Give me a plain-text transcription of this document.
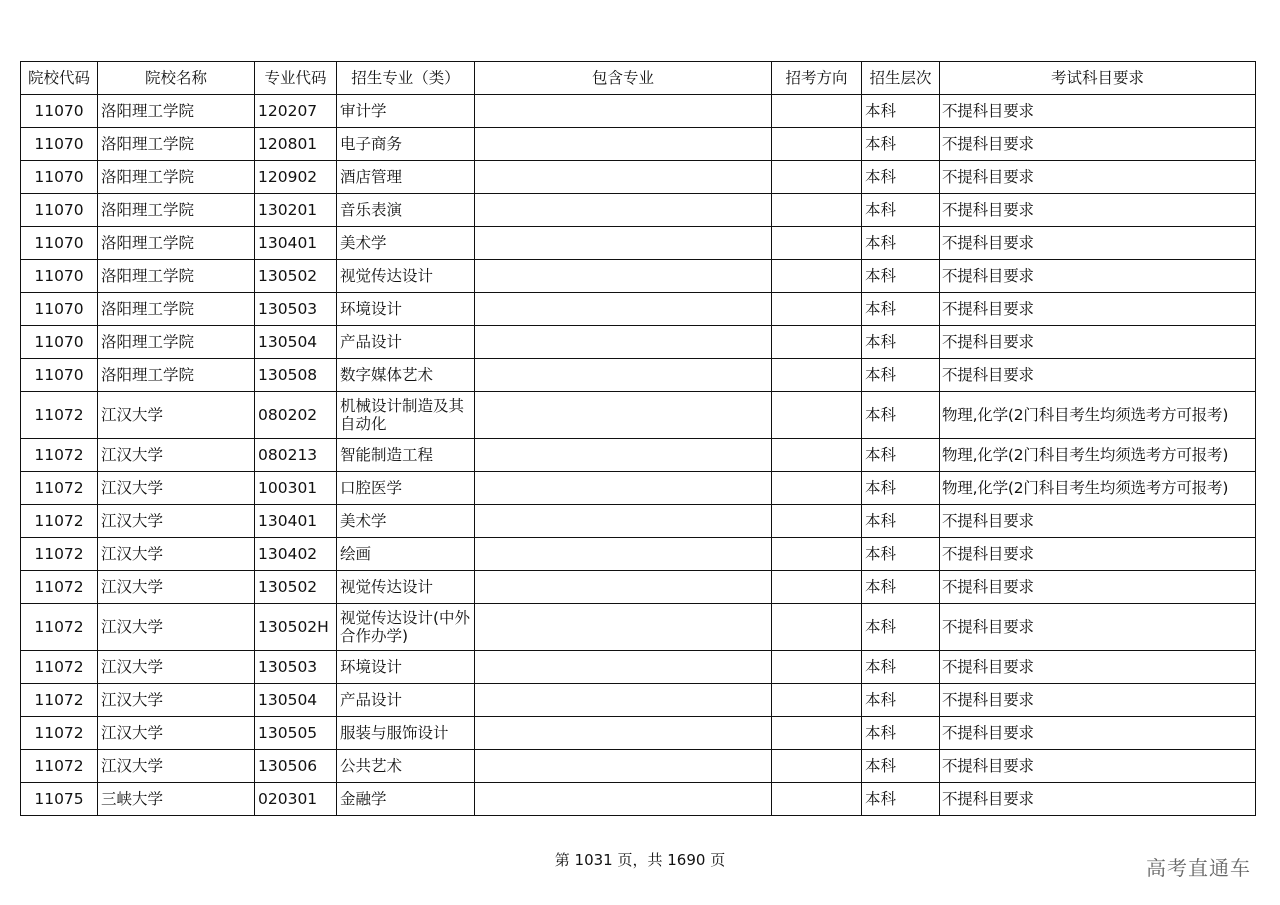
院校代码	院校名称	专业代码	招生专业（类）	包含专业	招考方向	招生层次	考试科目要求
11070	洛阳理工学院	120207	审计学			本科	不提科目要求
11070	洛阳理工学院	120801	电子商务			本科	不提科目要求
11070	洛阳理工学院	120902	酒店管理			本科	不提科目要求
11070	洛阳理工学院	130201	音乐表演			本科	不提科目要求
11070	洛阳理工学院	130401	美术学			本科	不提科目要求
11070	洛阳理工学院	130502	视觉传达设计			本科	不提科目要求
11070	洛阳理工学院	130503	环境设计			本科	不提科目要求
11070	洛阳理工学院	130504	产品设计			本科	不提科目要求
11070	洛阳理工学院	130508	数字媒体艺术			本科	不提科目要求
11072	江汉大学	080202	机械设计制造及其自动化			本科	物理,化学(2门科目考生均须选考方可报考)
11072	江汉大学	080213	智能制造工程			本科	物理,化学(2门科目考生均须选考方可报考)
11072	江汉大学	100301	口腔医学			本科	物理,化学(2门科目考生均须选考方可报考)
11072	江汉大学	130401	美术学			本科	不提科目要求
11072	江汉大学	130402	绘画			本科	不提科目要求
11072	江汉大学	130502	视觉传达设计			本科	不提科目要求
11072	江汉大学	130502H	视觉传达设计(中外合作办学)			本科	不提科目要求
11072	江汉大学	130503	环境设计			本科	不提科目要求
11072	江汉大学	130504	产品设计			本科	不提科目要求
11072	江汉大学	130505	服装与服饰设计			本科	不提科目要求
11072	江汉大学	130506	公共艺术			本科	不提科目要求
11075	三峡大学	020301	金融学			本科	不提科目要求
第 1031 页，共 1690 页	高考直通车
